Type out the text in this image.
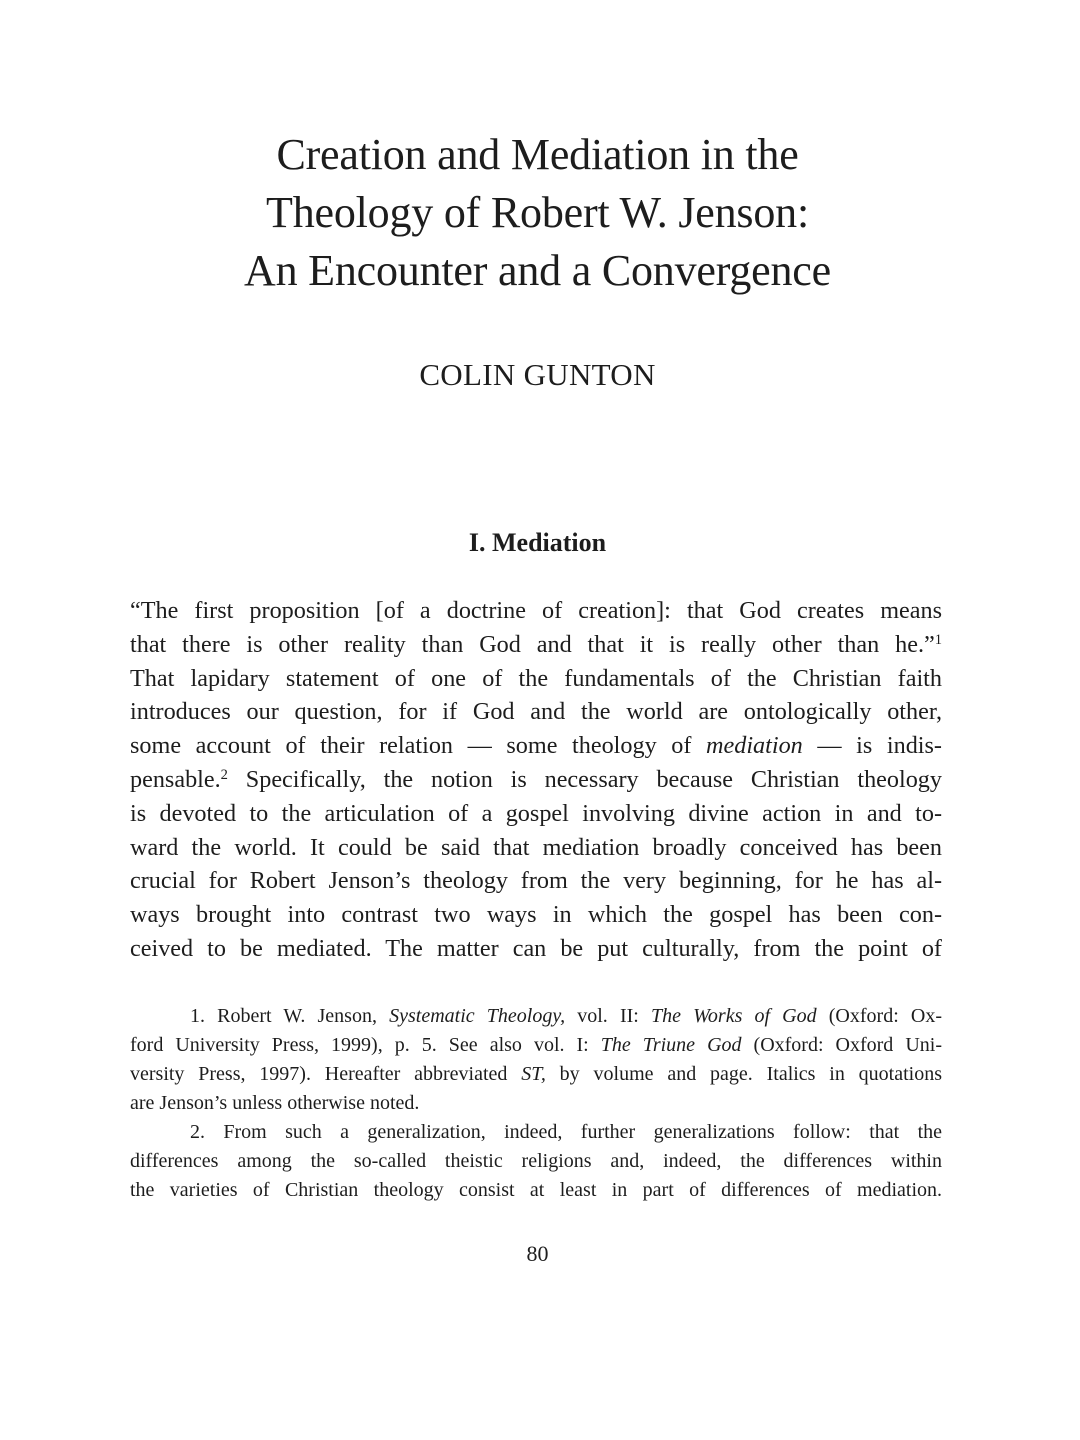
Creation and Mediation in the
Theology of Robert W. Jenson:
An Encounter and a Convergence
COLIN GUNTON
I. Mediation
“The first proposition [of a doctrine of creation]: that God creates means
that there is other reality than God and that it is really other than he.”$^1$
That lapidary statement of one of the fundamentals of the Christian faith
introduces our question, for if God and the world are ontologically other,
some account of their relation — some theology of mediation — is indis-
pensable.$^2$ Specifically, the notion is necessary because Christian theology
is devoted to the articulation of a gospel involving divine action in and to-
ward the world. It could be said that mediation broadly conceived has been
crucial for Robert Jenson’s theology from the very beginning, for he has al-
ways brought into contrast two ways in which the gospel has been con-
ceived to be mediated. The matter can be put culturally, from the point of
1. Robert W. Jenson, Systematic Theology, vol. II: The Works of God (Oxford: Ox-
ford University Press, 1999), p. 5. See also vol. I: The Triune God (Oxford: Oxford Uni-
versity Press, 1997). Hereafter abbreviated ST, by volume and page. Italics in quotations
are Jenson’s unless otherwise noted.
2. From such a generalization, indeed, further generalizations follow: that the
differences among the so-called theistic religions and, indeed, the differences within
the varieties of Christian theology consist at least in part of differences of mediation.
80
